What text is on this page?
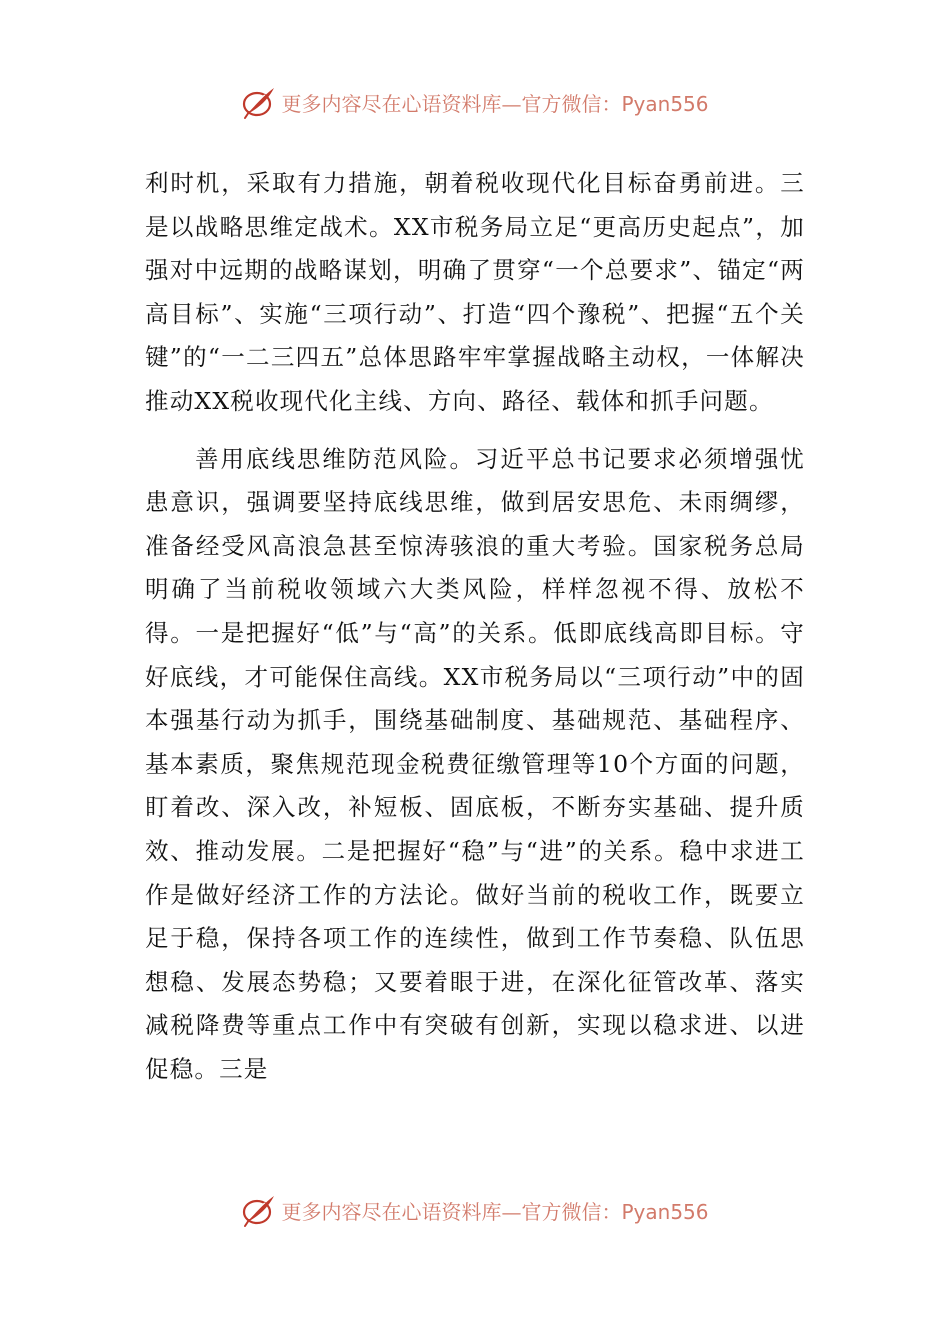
更多内容尽在心语资料库—官方微信：Pyan556

利时机，采取有力措施，朝着税收现代化目标奋勇前进。三是以战略思维定战术。XX市税务局立足“更高历史起点”，加强对中远期的战略谋划，明确了贯穿“一个总要求”、锚定“两高目标”、实施“三项行动”、打造“四个豫税”、把握“五个关键”的“一二三四五”总体思路牢牢掌握战略主动权，一体解决推动XX税收现代化主线、方向、路径、载体和抓手问题。

善用底线思维防范风险。习近平总书记要求必须增强忧患意识，强调要坚持底线思维，做到居安思危、未雨绸缪，准备经受风高浪急甚至惊涛骇浪的重大考验。国家税务总局明确了当前税收领域六大类风险，样样忽视不得、放松不得。一是把握好“低”与“高”的关系。低即底线高即目标。守好底线，才可能保住高线。XX市税务局以“三项行动”中的固本强基行动为抓手，围绕基础制度、基础规范、基础程序、基本素质，聚焦规范现金税费征缴管理等10个方面的问题，盯着改、深入改，补短板、固底板，不断夯实基础、提升质效、推动发展。二是把握好“稳”与“进”的关系。稳中求进工作是做好经济工作的方法论。做好当前的税收工作，既要立足于稳，保持各项工作的连续性，做到工作节奏稳、队伍思想稳、发展态势稳；又要着眼于进，在深化征管改革、落实减税降费等重点工作中有突破有创新，实现以稳求进、以进促稳。三是

更多内容尽在心语资料库—官方微信：Pyan556
